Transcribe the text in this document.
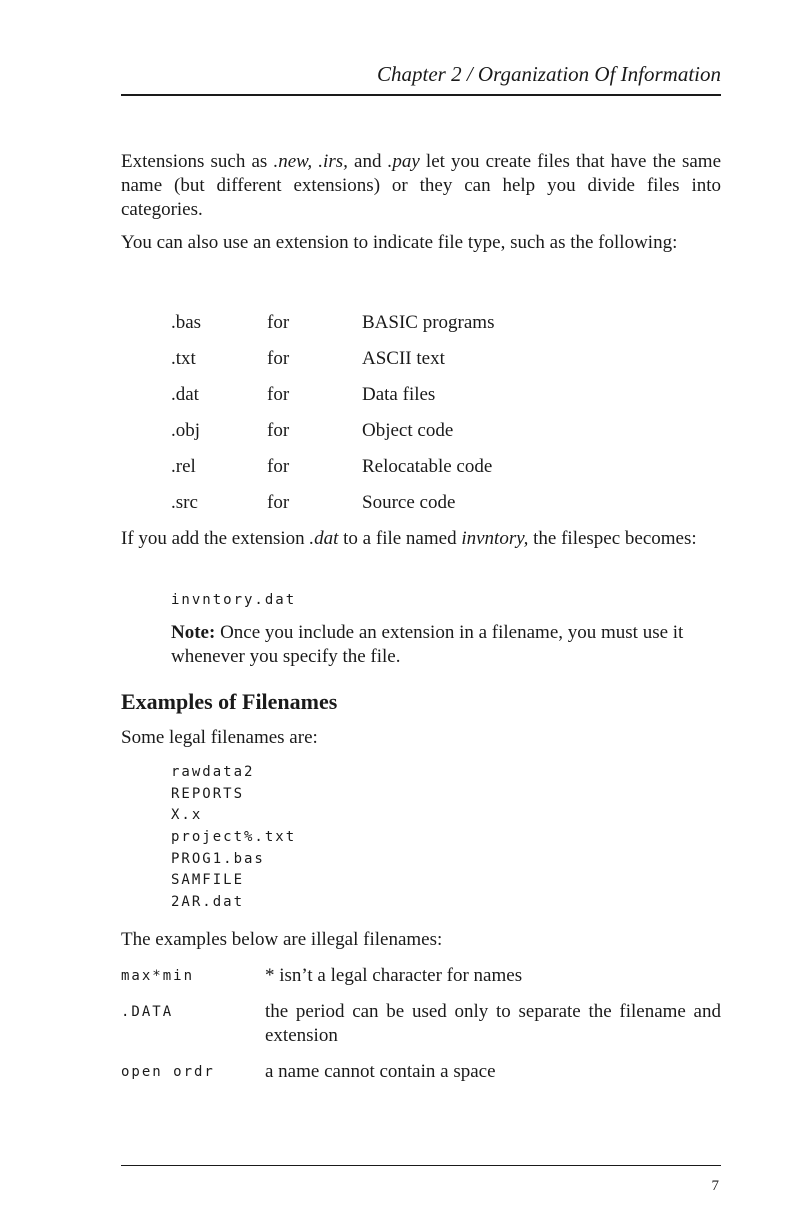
Chapter 2 / Organization Of Information

Extensions such as .new, .irs, and .pay let you create files that have the same name (but different extensions) or they can help you divide files into categories.

You can also use an extension to indicate file type, such as the following:

.bas	for	BASIC programs
.txt	for	ASCII text
.dat	for	Data files
.obj	for	Object code
.rel	for	Relocatable code
.src	for	Source code

If you add the extension .dat to a file named invntory, the filespec becomes:

invntory.dat

Note: Once you include an extension in a filename, you must use it whenever you specify the file.

Examples of Filenames

Some legal filenames are:

rawdata2
REPORTS
X.x
project%.txt
PROG1.bas
SAMFILE
2AR.dat

The examples below are illegal filenames:

max*min	* isn’t a legal character for names
.DATA	the period can be used only to separate the filename and extension
open ordr	a name cannot contain a space
7
